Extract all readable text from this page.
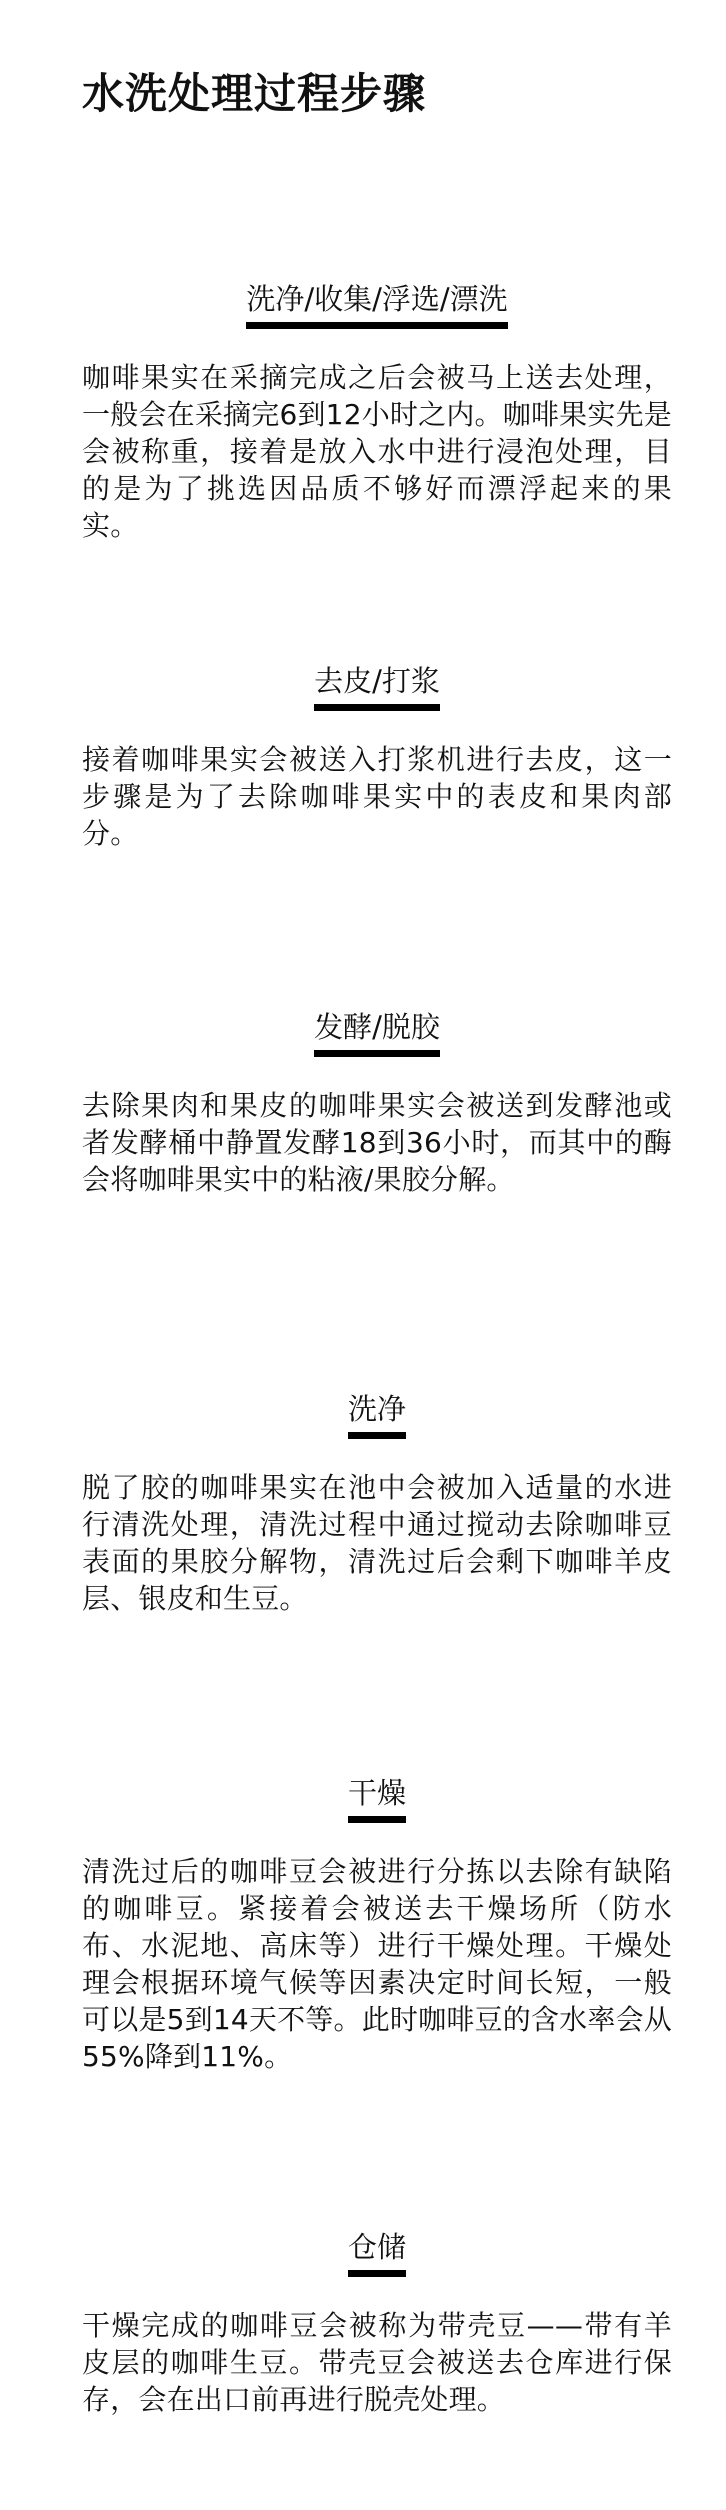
水洗处理过程步骤
洗净/收集/浮选/漂洗
咖啡果实在采摘完成之后会被马上送去处理，一般会在采摘完6到12小时之内。咖啡果实先是会被称重，接着是放入水中进行浸泡处理，目的是为了挑选因品质不够好而漂浮起来的果实。
去皮/打浆
接着咖啡果实会被送入打浆机进行去皮，这一步骤是为了去除咖啡果实中的表皮和果肉部分。
发酵/脱胶
去除果肉和果皮的咖啡果实会被送到发酵池或者发酵桶中静置发酵18到36小时，而其中的酶会将咖啡果实中的粘液/果胶分解。
洗净
脱了胶的咖啡果实在池中会被加入适量的水进行清洗处理，清洗过程中通过搅动去除咖啡豆表面的果胶分解物，清洗过后会剩下咖啡羊皮层、银皮和生豆。
干燥
清洗过后的咖啡豆会被进行分拣以去除有缺陷的咖啡豆。紧接着会被送去干燥场所（防水布、水泥地、高床等）进行干燥处理。干燥处理会根据环境气候等因素决定时间长短，一般可以是5到14天不等。此时咖啡豆的含水率会从55%降到11%。
仓储
干燥完成的咖啡豆会被称为带壳豆——带有羊皮层的咖啡生豆。带壳豆会被送去仓库进行保存，会在出口前再进行脱壳处理。
